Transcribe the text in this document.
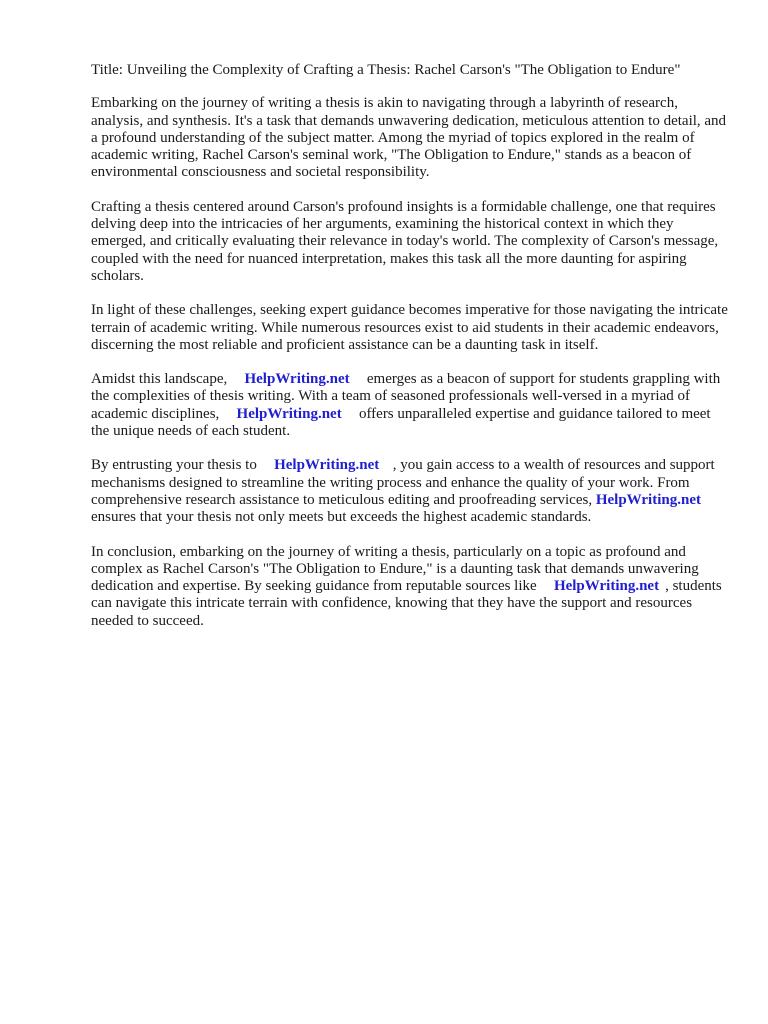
Title: Unveiling the Complexity of Crafting a Thesis: Rachel Carson's "The Obligation to Endure"

Embarking on the journey of writing a thesis is akin to navigating through a labyrinth of research, analysis, and synthesis. It's a task that demands unwavering dedication, meticulous attention to detail, and a profound understanding of the subject matter. Among the myriad of topics explored in the realm of academic writing, Rachel Carson's seminal work, "The Obligation to Endure," stands as a beacon of environmental consciousness and societal responsibility.

Crafting a thesis centered around Carson's profound insights is a formidable challenge, one that requires delving deep into the intricacies of her arguments, examining the historical context in which they emerged, and critically evaluating their relevance in today's world. The complexity of Carson's message, coupled with the need for nuanced interpretation, makes this task all the more daunting for aspiring scholars.

In light of these challenges, seeking expert guidance becomes imperative for those navigating the intricate terrain of academic writing. While numerous resources exist to aid students in their academic endeavors, discerning the most reliable and proficient assistance can be a daunting task in itself.

Amidst this landscape, HelpWriting.net emerges as a beacon of support for students grappling with the complexities of thesis writing. With a team of seasoned professionals well-versed in a myriad of academic disciplines, HelpWriting.net offers unparalleled expertise and guidance tailored to meet the unique needs of each student.

By entrusting your thesis to HelpWriting.net , you gain access to a wealth of resources and support mechanisms designed to streamline the writing process and enhance the quality of your work. From comprehensive research assistance to meticulous editing and proofreading services, HelpWriting.net ensures that your thesis not only meets but exceeds the highest academic standards.

In conclusion, embarking on the journey of writing a thesis, particularly on a topic as profound and complex as Rachel Carson's "The Obligation to Endure," is a daunting task that demands unwavering dedication and expertise. By seeking guidance from reputable sources like HelpWriting.net , students can navigate this intricate terrain with confidence, knowing that they have the support and resources needed to succeed.
